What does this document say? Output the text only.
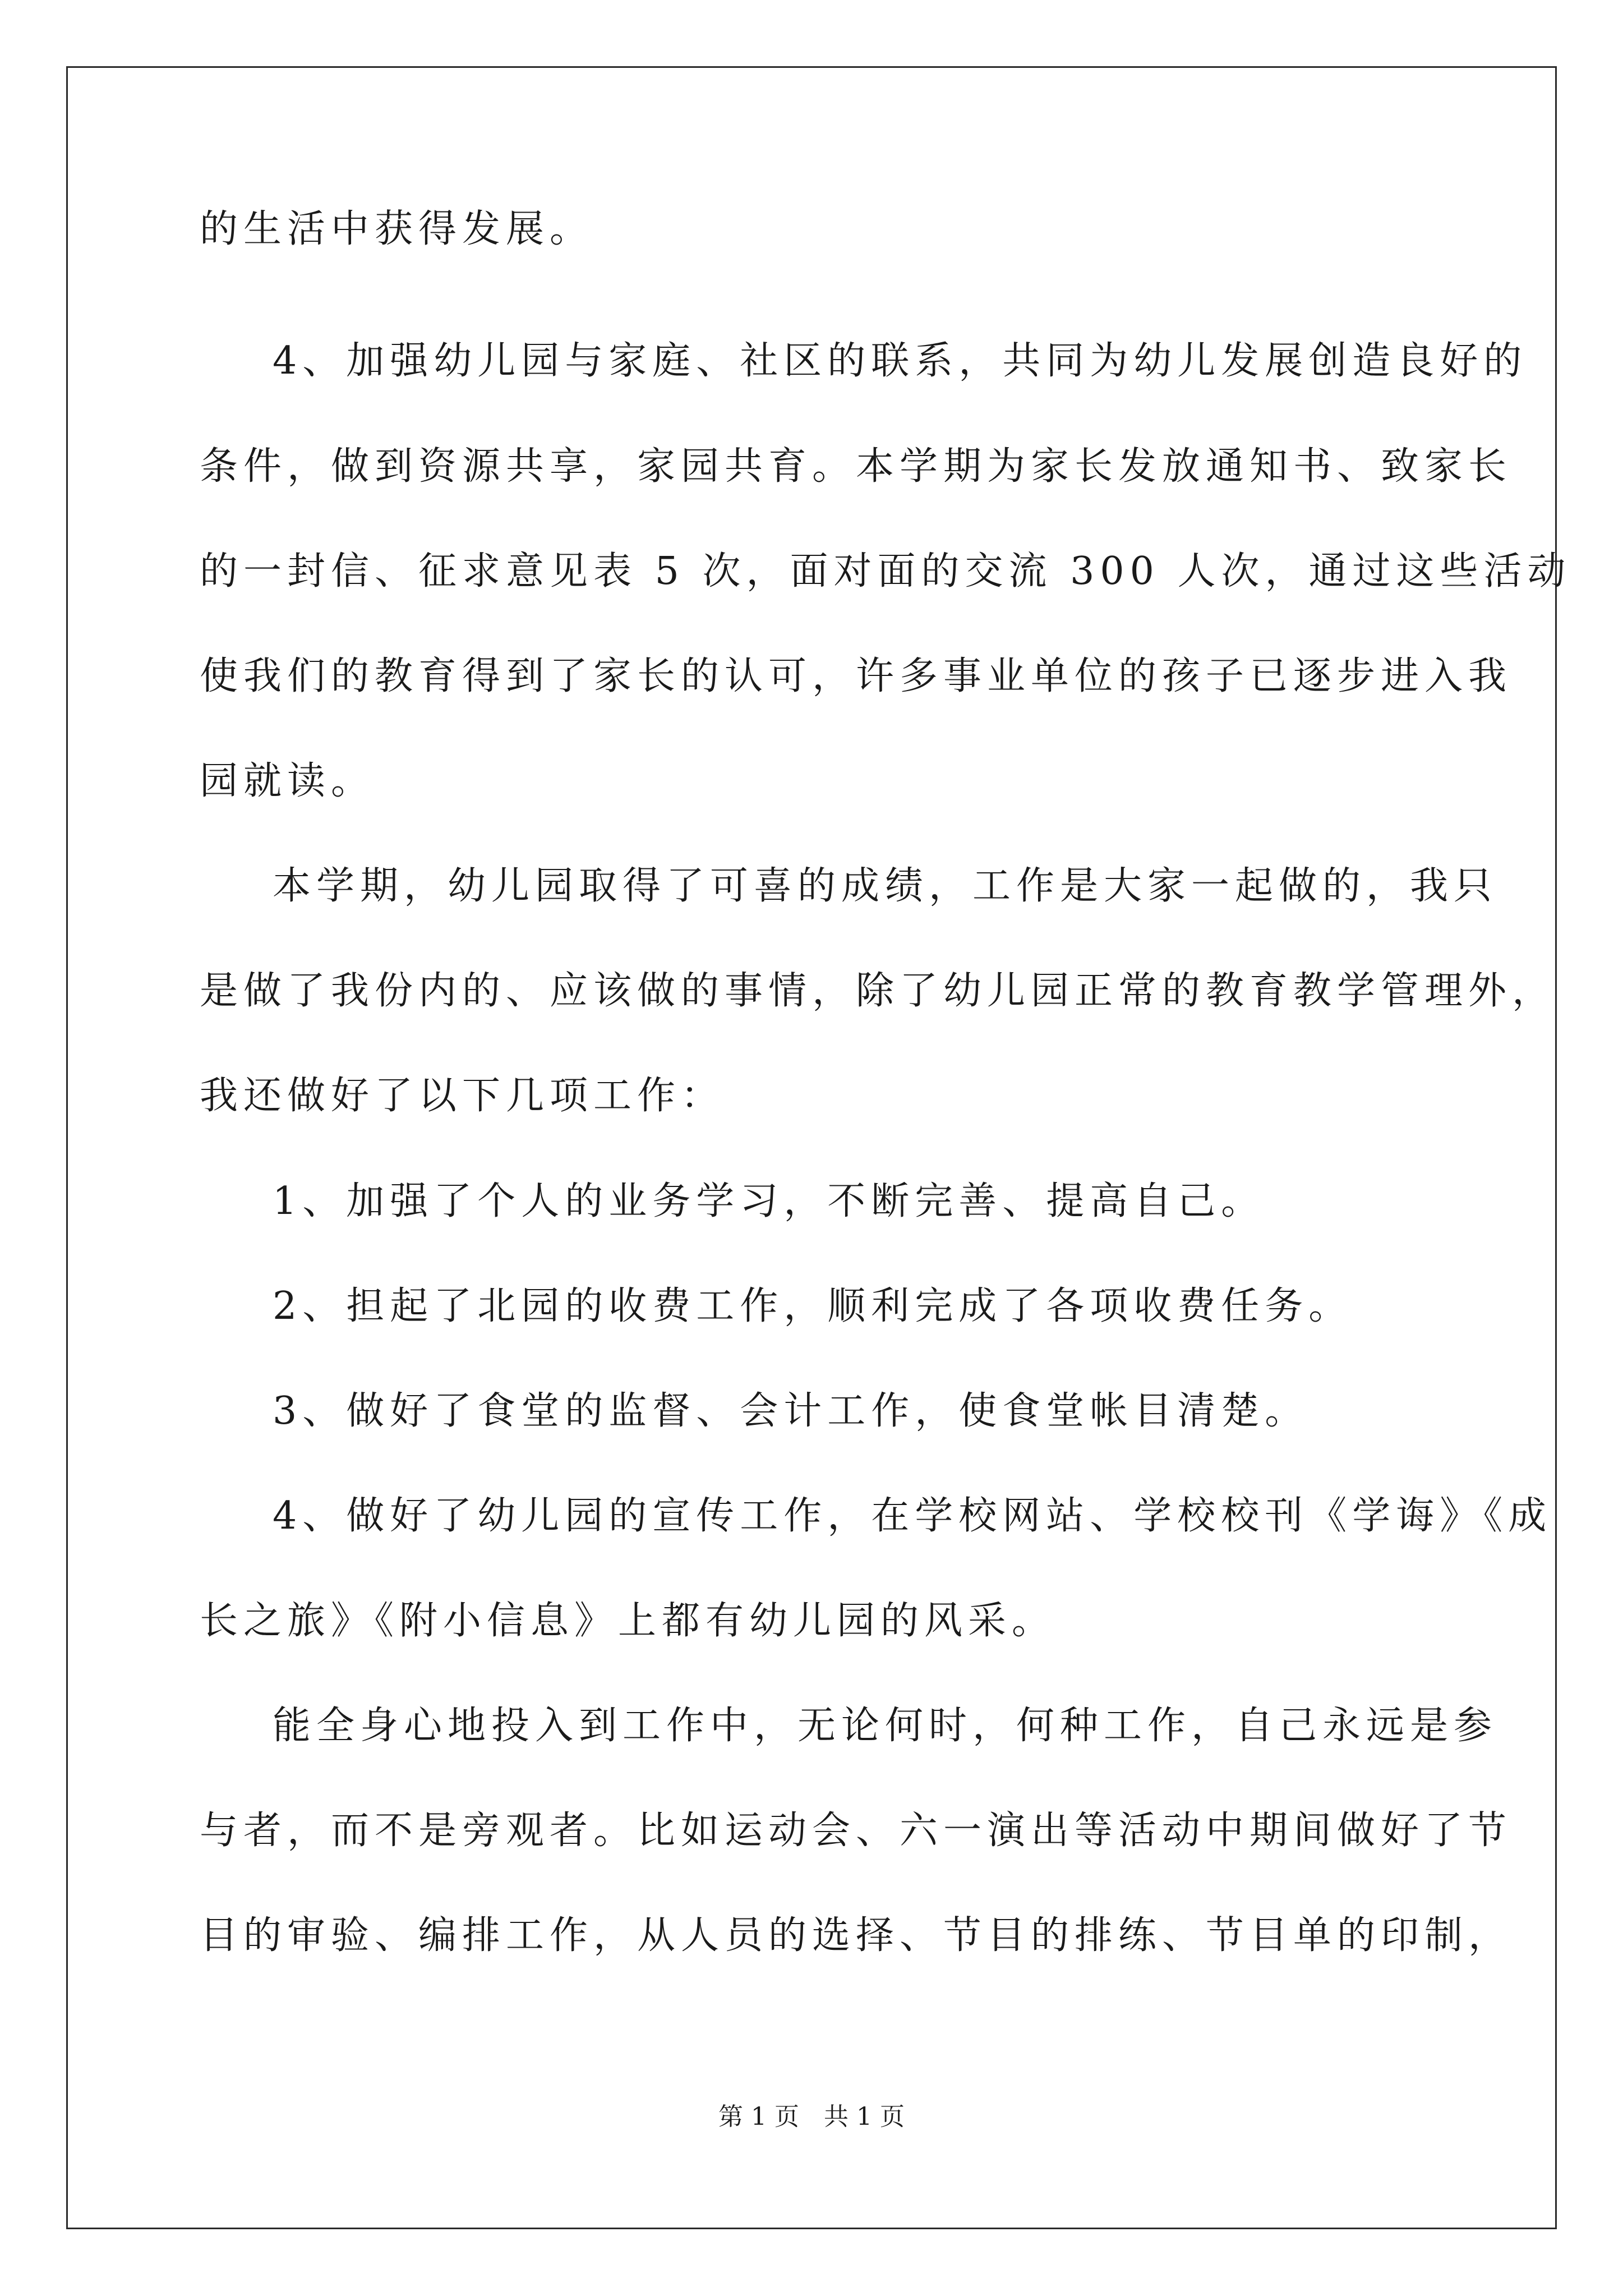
的生活中获得发展。
4、加强幼儿园与家庭、社区的联系，共同为幼儿发展创造良好的
条件，做到资源共享，家园共育。本学期为家长发放通知书、致家长
的一封信、征求意见表 5 次，面对面的交流 300 人次，通过这些活动
使我们的教育得到了家长的认可，许多事业单位的孩子已逐步进入我
园就读。
本学期，幼儿园取得了可喜的成绩，工作是大家一起做的，我只
是做了我份内的、应该做的事情，除了幼儿园正常的教育教学管理外，
我还做好了以下几项工作：
1、加强了个人的业务学习，不断完善、提高自己。
2、担起了北园的收费工作，顺利完成了各项收费任务。
3、做好了食堂的监督、会计工作，使食堂帐目清楚。
4、做好了幼儿园的宣传工作，在学校网站、学校校刊《学诲》《成
长之旅》《附小信息》上都有幼儿园的风采。
能全身心地投入到工作中，无论何时，何种工作，自己永远是参
与者，而不是旁观者。比如运动会、六一演出等活动中期间做好了节
目的审验、编排工作，从人员的选择、节目的排练、节目单的印制，
第 1 页　共 1 页
